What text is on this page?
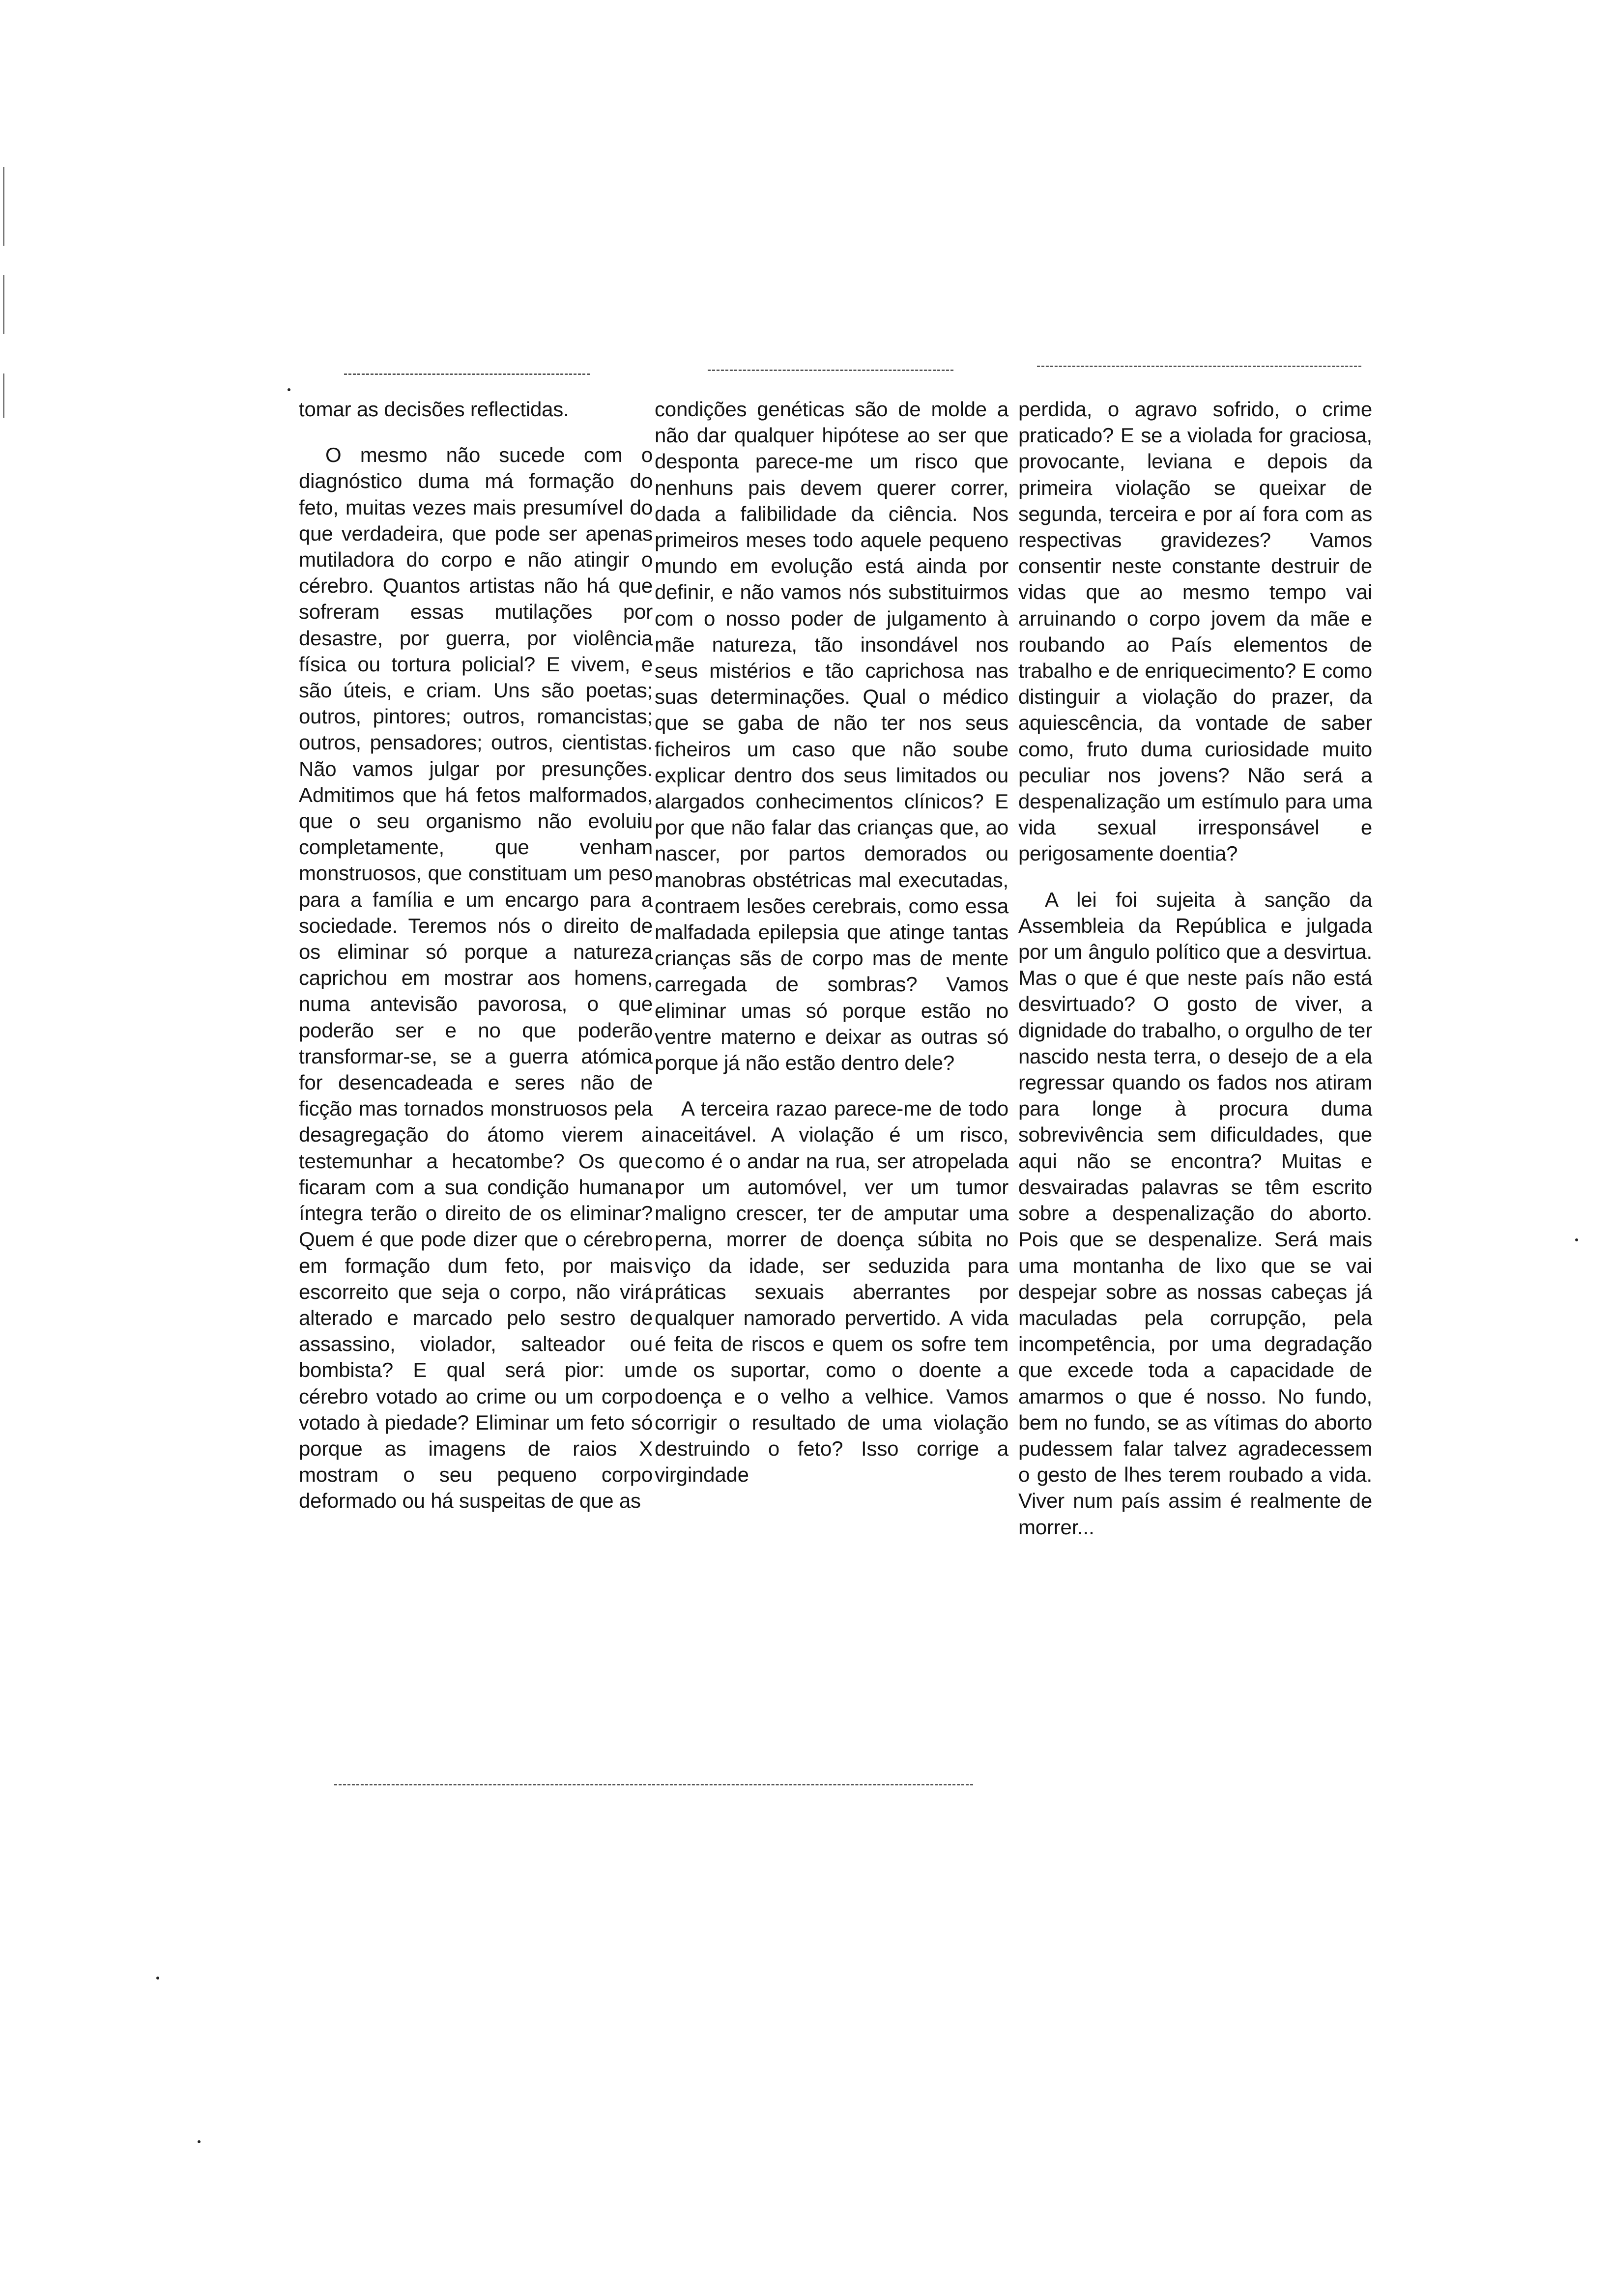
tomar as decisões reflectidas.

O mesmo não sucede com o diagnóstico duma má formação do feto, muitas vezes mais presumível do que verdadeira, que pode ser apenas mutiladora do corpo e não atingir o cérebro. Quantos artistas não há que sofreram essas mutilações por desastre, por guerra, por violência física ou tortura policial? E vivem, e são úteis, e criam. Uns são poetas; outros, pintores; outros, romancistas; outros, pensadores; outros, cientistas. Não vamos julgar por presunções. Admitimos que há fetos malformados, que o seu organismo não evoluiu completamente, que venham monstruosos, que constituam um peso para a família e um encargo para a sociedade. Teremos nós o direito de os eliminar só porque a natureza caprichou em mostrar aos homens, numa antevisão pavorosa, o que poderão ser e no que poderão transformar-se, se a guerra atómica for desencadeada e seres não de ficção mas tornados monstruosos pela desagregação do átomo vierem a testemunhar a hecatombe? Os que ficaram com a sua condição humana íntegra terão o direito de os eliminar? Quem é que pode dizer que o cérebro em formação dum feto, por mais escorreito que seja o corpo, não virá alterado e marcado pelo sestro de assassino, violador, salteador ou bombista? E qual será pior: um cérebro votado ao crime ou um corpo votado à piedade? Eliminar um feto só porque as imagens de raios X mostram o seu pequeno corpo deformado ou há suspeitas de que as

condições genéticas são de molde a não dar qualquer hipótese ao ser que desponta parece-me um risco que nenhuns pais devem querer correr, dada a falibilidade da ciência. Nos primeiros meses todo aquele pequeno mundo em evolução está ainda por definir, e não vamos nós substituirmos com o nosso poder de julgamento à mãe natureza, tão insondável nos seus mistérios e tão caprichosa nas suas determinações. Qual o médico que se gaba de não ter nos seus ficheiros um caso que não soube explicar dentro dos seus limitados ou alargados conhecimentos clínicos? E por que não falar das crianças que, ao nascer, por partos demorados ou manobras obstétricas mal executadas, contraem lesões cerebrais, como essa malfadada epilepsia que atinge tantas crianças sãs de corpo mas de mente carregada de sombras? Vamos eliminar umas só porque estão no ventre materno e deixar as outras só porque já não estão dentro dele?

A terceira razao parece-me de todo inaceitável. A violação é um risco, como é o andar na rua, ser atropelada por um automóvel, ver um tumor maligno crescer, ter de amputar uma perna, morrer de doença súbita no viço da idade, ser seduzida para práticas sexuais aberrantes por qualquer namorado pervertido. A vida é feita de riscos e quem os sofre tem de os suportar, como o doente a doença e o velho a velhice. Vamos corrigir o resultado de uma violação destruindo o feto? Isso corrige a virgindade

perdida, o agravo sofrido, o crime praticado? E se a violada for graciosa, provocante, leviana e depois da primeira violação se queixar de segunda, terceira e por aí fora com as respectivas gravidezes? Vamos consentir neste constante destruir de vidas que ao mesmo tempo vai arruinando o corpo jovem da mãe e roubando ao País elementos de trabalho e de enriquecimento? E como distinguir a violação do prazer, da aquiescência, da vontade de saber como, fruto duma curiosidade muito peculiar nos jovens? Não será a despenalização um estímulo para uma vida sexual irresponsável e perigosamente doentia?

A lei foi sujeita à sanção da Assembleia da República e julgada por um ângulo político que a desvirtua. Mas o que é que neste país não está desvirtuado? O gosto de viver, a dignidade do trabalho, o orgulho de ter nascido nesta terra, o desejo de a ela regressar quando os fados nos atiram para longe à procura duma sobrevivência sem dificuldades, que aqui não se encontra? Muitas e desvairadas palavras se têm escrito sobre a despenalização do aborto. Pois que se despenalize. Será mais uma montanha de lixo que se vai despejar sobre as nossas cabeças já maculadas pela corrupção, pela incompetência, por uma degradação que excede toda a capacidade de amarmos o que é nosso. No fundo, bem no fundo, se as vítimas do aborto pudessem falar talvez agradecessem o gesto de lhes terem roubado a vida. Viver num país assim é realmente de morrer...
